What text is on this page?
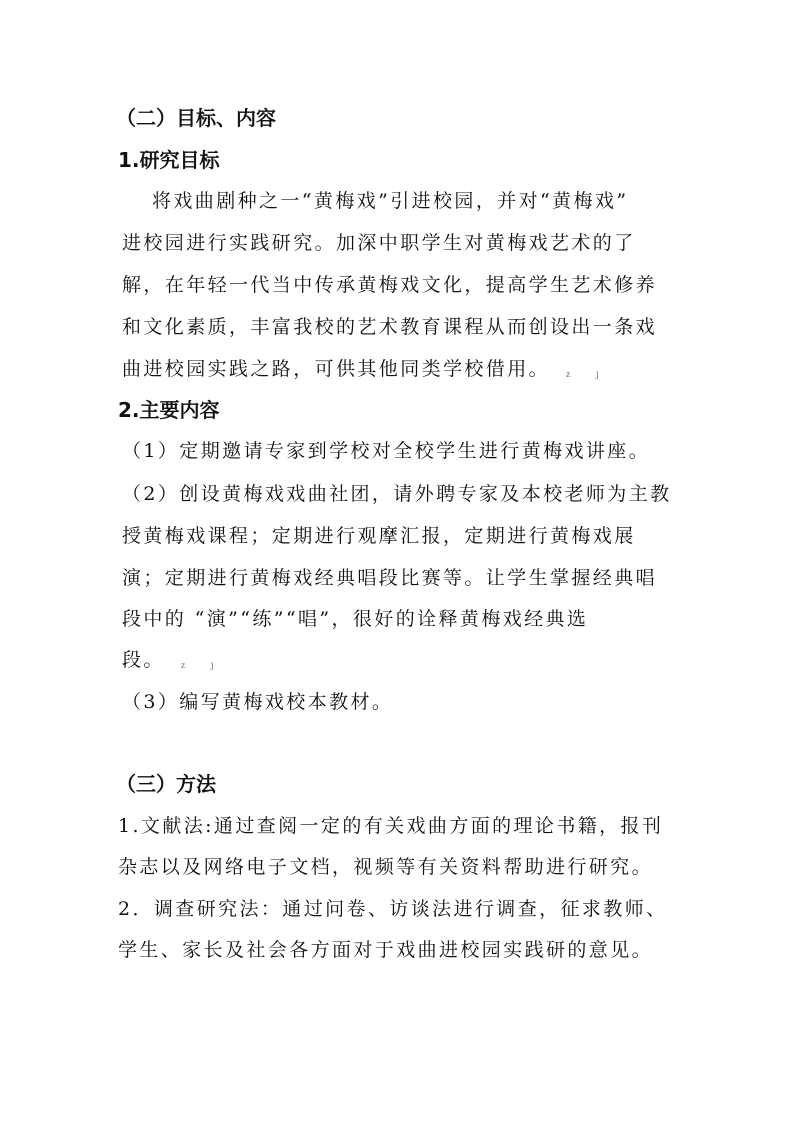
（二）目标、内容
1.研究目标
将戏曲剧种之一“黄梅戏”引进校园，并对“黄梅戏”
进校园进行实践研究。加深中职学生对黄梅戏艺术的了
解，在年轻一代当中传承黄梅戏文化，提高学生艺术修养
和文化素质，丰富我校的艺术教育课程从而创设出一条戏
曲进校园实践之路，可供其他同类学校借用。 z	j
2.主要内容
（1）定期邀请专家到学校对全校学生进行黄梅戏讲座。
（2）创设黄梅戏戏曲社团，请外聘专家及本校老师为主教
授黄梅戏课程；定期进行观摩汇报，定期进行黄梅戏展
演；定期进行黄梅戏经典唱段比赛等。让学生掌握经典唱
段中的 “演”“练”“唱”，很好的诠释黄梅戏经典选
段。 z	j
（3）编写黄梅戏校本教材。
（三）方法
1.文献法:通过查阅一定的有关戏曲方面的理论书籍，报刊
杂志以及网络电子文档，视频等有关资料帮助进行研究。
2．调查研究法：通过问卷、访谈法进行调查，征求教师、
学生、家长及社会各方面对于戏曲进校园实践研的意见。
